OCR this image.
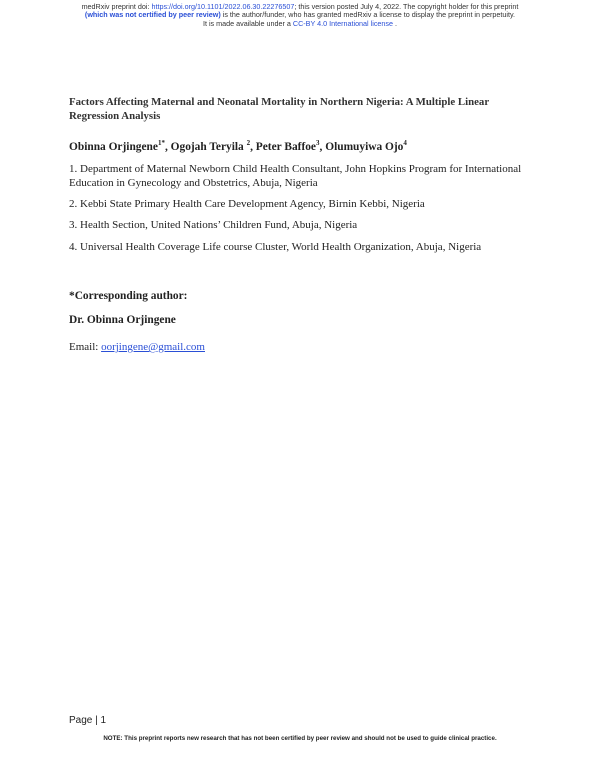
medRxiv preprint doi: https://doi.org/10.1101/2022.06.30.22276507; this version posted July 4, 2022. The copyright holder for this preprint
(which was not certified by peer review) is the author/funder, who has granted medRxiv a license to display the preprint in perpetuity.
It is made available under a CC-BY 4.0 International license .
Factors Affecting Maternal and Neonatal Mortality in Northern Nigeria: A Multiple Linear Regression Analysis
Obinna Orjingene$^{1*}$, Ogojah Teryila $^2$, Peter Baffoe$^3$, Olumuyiwa Ojo$^4$
1. Department of Maternal Newborn Child Health Consultant, John Hopkins Program for International Education in Gynecology and Obstetrics, Abuja, Nigeria
2. Kebbi State Primary Health Care Development Agency, Birnin Kebbi, Nigeria
3. Health Section, United Nations’ Children Fund, Abuja, Nigeria
4. Universal Health Coverage Life course Cluster, World Health Organization, Abuja, Nigeria
*Corresponding author:
Dr. Obinna Orjingene
Email: oorjingene@gmail.com
Page | 1
NOTE: This preprint reports new research that has not been certified by peer review and should not be used to guide clinical practice.
